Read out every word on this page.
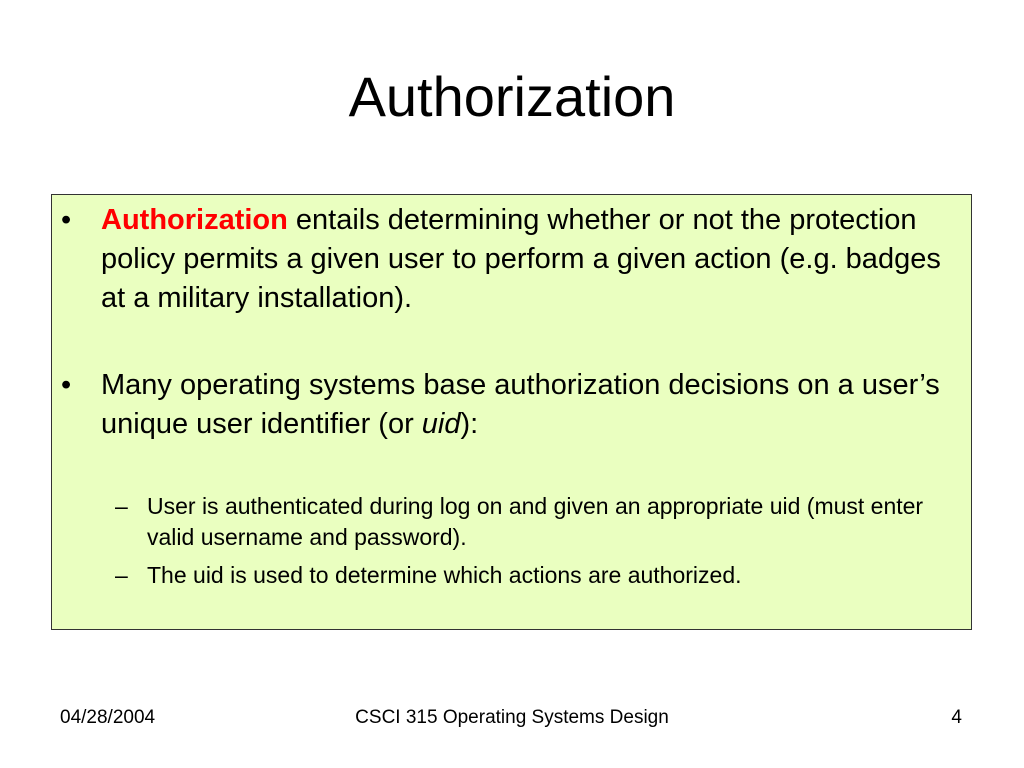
Authorization
• Authorization entails determining whether or not the protection policy permits a given user to perform a given action (e.g. badges at a military installation).
• Many operating systems base authorization decisions on a user’s unique user identifier (or uid):
– User is authenticated during log on and given an appropriate uid (must enter valid username and password).
– The uid is used to determine which actions are authorized.
04/28/2004	CSCI 315 Operating Systems Design	4
